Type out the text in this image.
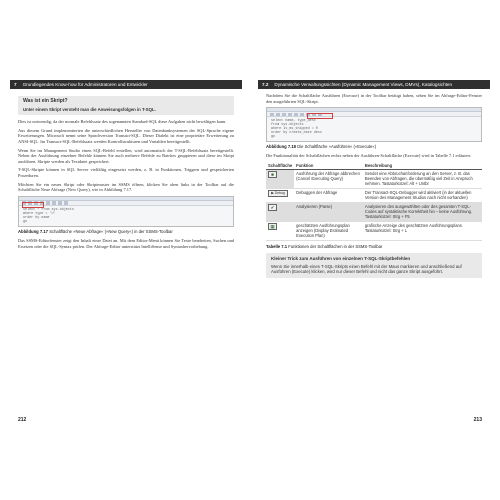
7 Grundlegendes Know-how für Administratoren und Entwickler
Was ist ein Skript?
Unter einem Skript versteht man die Anweisungsfolgen in T-SQL.

Dies ist notwendig, da der normale Befehlssatz des sogenannten Standard-SQL diese Aufgaben nicht bewältigen kann.

Aus diesem Grund implementierten die unterschiedlichen Hersteller von Datenbanksystemen der SQL-Sprache eigene Erweiterungen. Microsoft nennt seine Sprachversion Transact-SQL. Dieser Dialekt ist eine proprietäre Erweiterung zu ANSI-SQL. Im Transact-SQL-Befehlssatz werden Kontrollstrukturen und Variablen bereitgestellt.

Wenn Sie im Management Studio einen SQL-Befehl erstellen, wird automatisch der T-SQL-Befehlssatz bereitgestellt. Neben der Ausführung einzelner Befehle können Sie auch mehrere Befehle zu Batches gruppieren und diese im Skript ausführen. Skripte werden als Textdatei gespeichert.

T-SQL-Skripte können in SQL Server vielfältig eingesetzt werden, z. B. in Funktionen, Triggern und gespeicherten Prozeduren.

Möchten Sie ein neues Skript oder Skriptmuster im SSMS öffnen, klicken Sie oben links in der Toolbar auf die Schaltfläche Neue Abfrage (New Query), wie in Abbildung 7.17.

select * from sys.objects
where type = 'U'
order by name
go
Abbildung 7.17 Schaltfläche »Neue Abfrage« (»New Query«) in der SSMS-Toolbar

Das SSMS-Editorfenster zeigt den Inhalt einer Datei an. Mit dem Editor-Menü können Sie Texte bearbeiten, Suchen und Ersetzen oder die SQL-Syntax prüfen. Der Abfrage-Editor unterstützt IntelliSense und Syntaxhervorhebung.

212
7.2 Dynamische Verwaltungssichten (Dynamic Management Views, DMVs), Katalogsichten

Nachdem Sie die Schaltfläche Ausführen (Execute) in der Toolbar betätigt haben, sehen Sie im Abfrage-Editor-Fenster den ausgeführten SQL-Skript.

select name, type_desc
from sys.objects
where is_ms_shipped = 0
order by create_date desc
go
Abbildung 7.18 Die Schaltfläche »Ausführen« (»Execute«)

Die Funktionalität der Schaltflächen rechts neben der Ausführen-Schaltfläche (Execute) wird in Tabelle 7.1 erläutert.

Schaltfläche	Funktion	Beschreibung
■	Ausführung der Abfrage abbrechen (Cancel Executing Query)	Sendet eine Abbruchanforderung an den Server, z. B. das Beenden von Abfragen, die übermäßig viel Zeit in Anspruch nehmen. Tastaturkürzel: Alt + Untbr
▶ Debug	Debuggen der Abfrage	Der Transact-SQL-Debugger wird aktiviert (in der aktuellen Version des Management Studios nach nicht vorhanden)
✔	Analysieren (Parse)	Analysieren des ausgewählten oder des gesamten T-SQL-Codes auf syntaktische Korrektheit hin – keine Ausführung. Tastaturkürzel: Strg + F5
▦	geschätzten Ausführungsplan anzeigen (Display Estimated Execution Plan)	grafische Anzeige des geschätzten Ausführungsplans. Tastaturkürzel: Strg + L
Tabelle 7.1 Funktionen der Schaltflächen in der SSMS-Toolbar
Kleiner Trick zum Ausführen von einzelnen T-SQL-Skriptbefehlen
Wenn Sie innerhalb eines T-SQL-Skripts einen Befehl mit der Maus markieren und anschließend auf Ausführen (Execute) klicken, wird nur dieser Befehl und nicht das ganze Skript ausgeführt.
213
